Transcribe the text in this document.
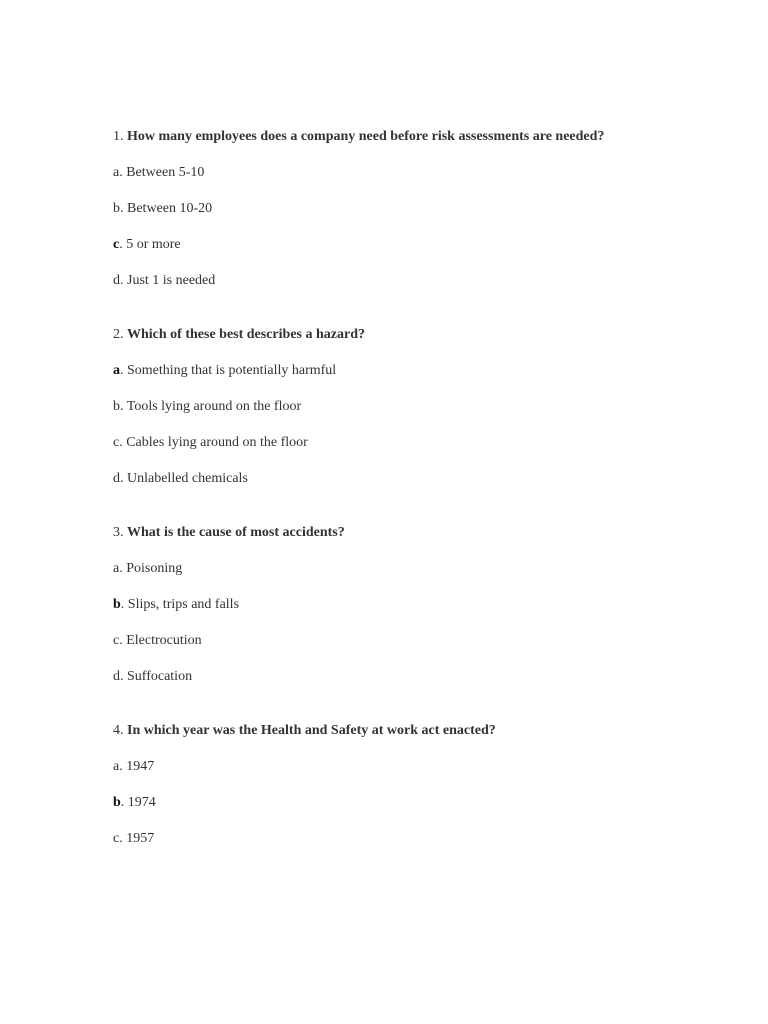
1. How many employees does a company need before risk assessments are needed?
a. Between 5-10
b. Between 10-20
c. 5 or more
d. Just 1 is needed
2. Which of these best describes a hazard?
a. Something that is potentially harmful
b. Tools lying around on the floor
c. Cables lying around on the floor
d. Unlabelled chemicals
3. What is the cause of most accidents?
a. Poisoning
b. Slips, trips and falls
c. Electrocution
d. Suffocation
4. In which year was the Health and Safety at work act enacted?
a. 1947
b. 1974
c. 1957
